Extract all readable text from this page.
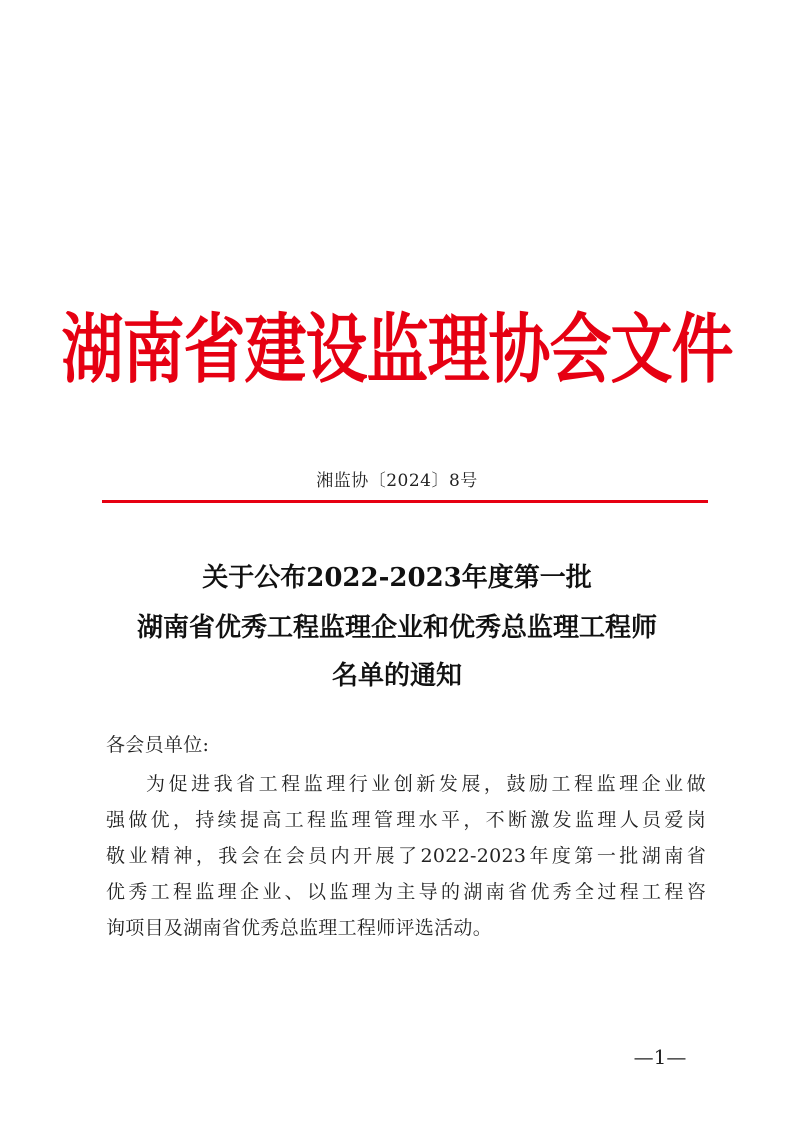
湖南省建设监理协会文件
湘监协〔2024〕8号
关于公布2022-2023年度第一批
湖南省优秀工程监理企业和优秀总监理工程师
名单的通知
各会员单位:

为促进我省工程监理行业创新发展，鼓励工程监理企业做

强做优，持续提高工程监理管理水平，不断激发监理人员爱岗

敬业精神，我会在会员内开展了2022-2023年度第一批湖南省

优秀工程监理企业、以监理为主导的湖南省优秀全过程工程咨

询项目及湖南省优秀总监理工程师评选活动。

—1—
